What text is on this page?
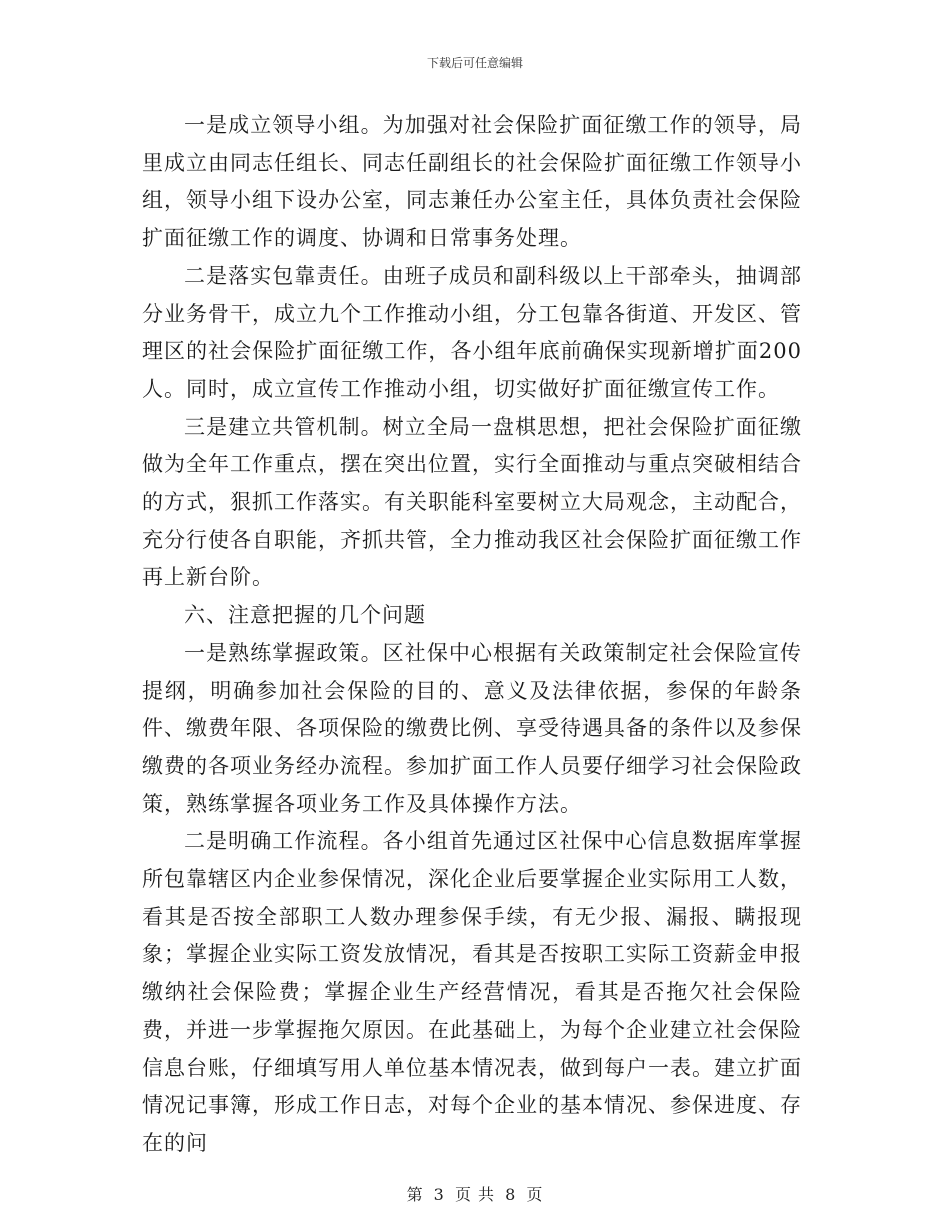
下载后可任意编辑

一是成立领导小组。为加强对社会保险扩面征缴工作的领导，局里成立由同志任组长、同志任副组长的社会保险扩面征缴工作领导小组，领导小组下设办公室，同志兼任办公室主任，具体负责社会保险扩面征缴工作的调度、协调和日常事务处理。

二是落实包靠责任。由班子成员和副科级以上干部牵头，抽调部分业务骨干，成立九个工作推动小组，分工包靠各街道、开发区、管理区的社会保险扩面征缴工作，各小组年底前确保实现新增扩面200人。同时，成立宣传工作推动小组，切实做好扩面征缴宣传工作。

三是建立共管机制。树立全局一盘棋思想，把社会保险扩面征缴做为全年工作重点，摆在突出位置，实行全面推动与重点突破相结合的方式，狠抓工作落实。有关职能科室要树立大局观念，主动配合，充分行使各自职能，齐抓共管，全力推动我区社会保险扩面征缴工作再上新台阶。

六、注意把握的几个问题

一是熟练掌握政策。区社保中心根据有关政策制定社会保险宣传提纲，明确参加社会保险的目的、意义及法律依据，参保的年龄条件、缴费年限、各项保险的缴费比例、享受待遇具备的条件以及参保缴费的各项业务经办流程。参加扩面工作人员要仔细学习社会保险政策，熟练掌握各项业务工作及具体操作方法。

二是明确工作流程。各小组首先通过区社保中心信息数据库掌握所包靠辖区内企业参保情况，深化企业后要掌握企业实际用工人数，看其是否按全部职工人数办理参保手续，有无少报、漏报、瞒报现象；掌握企业实际工资发放情况，看其是否按职工实际工资薪金申报缴纳社会保险费；掌握企业生产经营情况，看其是否拖欠社会保险费，并进一步掌握拖欠原因。在此基础上，为每个企业建立社会保险信息台账，仔细填写用人单位基本情况表，做到每户一表。建立扩面情况记事簿，形成工作日志，对每个企业的基本情况、参保进度、存在的问

第 3 页 共 8 页
